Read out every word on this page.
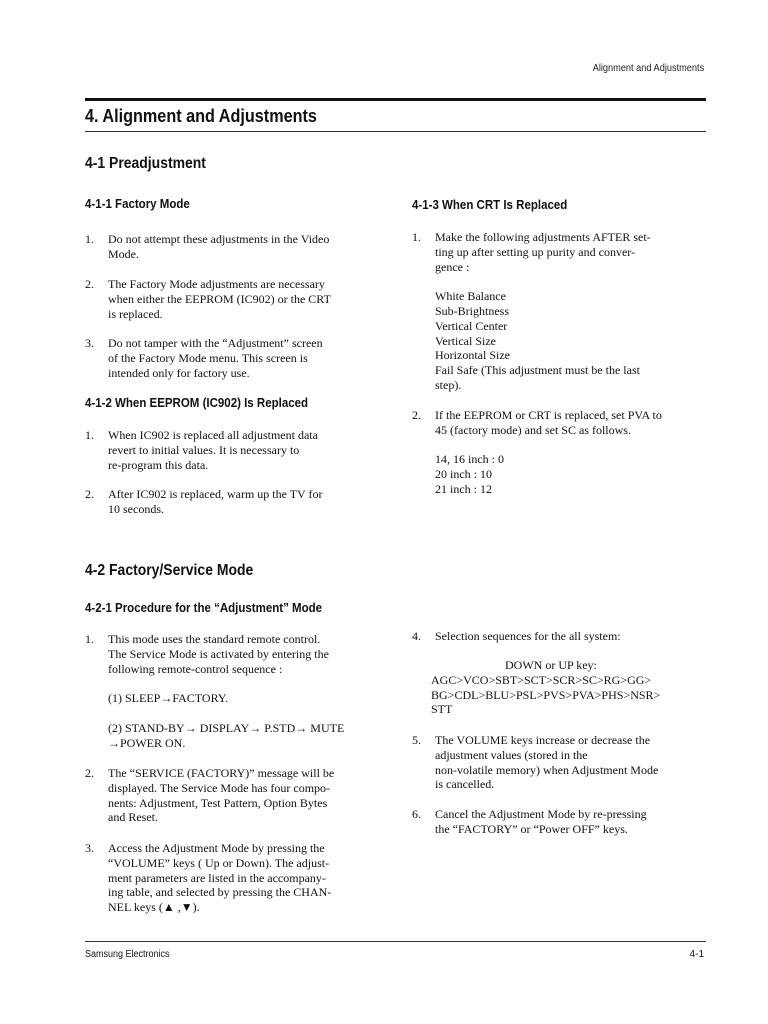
Alignment and Adjustments
4. Alignment and Adjustments
4-1 Preadjustment
4-1-1 Factory Mode
1. Do not attempt these adjustments in the Video
Mode.
2. The Factory Mode adjustments are necessary
when either the EEPROM (IC902) or the CRT
is replaced.
3. Do not tamper with the “Adjustment” screen
of the Factory Mode menu. This screen is
intended only for factory use.
4-1-2 When EEPROM (IC902) Is Replaced
1. When IC902 is replaced all adjustment data
revert to initial values. It is necessary to
re-program this data.
2. After IC902 is replaced, warm up the TV for
10 seconds.
4-1-3 When CRT Is Replaced
1. Make the following adjustments AFTER set-
ting up after setting up purity and conver-
gence :
White Balance
Sub-Brightness
Vertical Center
Vertical Size
Horizontal Size
Fail Safe (This adjustment must be the last
step).
2. If the EEPROM or CRT is replaced, set PVA to
45 (factory mode) and set SC as follows.
14, 16 inch : 0
20 inch : 10
21 inch : 12
4-2 Factory/Service Mode
4-2-1 Procedure for the “Adjustment” Mode
1. This mode uses the standard remote control.
The Service Mode is activated by entering the
following remote-control sequence :
(1) SLEEP→FACTORY.
(2) STAND-BY→ DISPLAY→ P.STD→ MUTE
→POWER ON.
2. The “SERVICE (FACTORY)” message will be
displayed. The Service Mode has four compo-
nents: Adjustment, Test Pattern, Option Bytes
and Reset.
3. Access the Adjustment Mode by pressing the
“VOLUME” keys ( Up or Down). The adjust-
ment parameters are listed in the accompany-
ing table, and selected by pressing the CHAN-
NEL keys (▲ ,▼).
4. Selection sequences for the all system:
5. The VOLUME keys increase or decrease the
adjustment values (stored in the
non-volatile memory) when Adjustment Mode
is cancelled.
6. Cancel the Adjustment Mode by re-pressing
the “FACTORY” or “Power OFF” keys.
DOWN or UP key:
AGC>VCO>SBT>SCT>SCR>SC>RG>GG>
BG>CDL>BLU>PSL>PVS>PVA>PHS>NSR>
STT
Samsung Electronics	4-1
